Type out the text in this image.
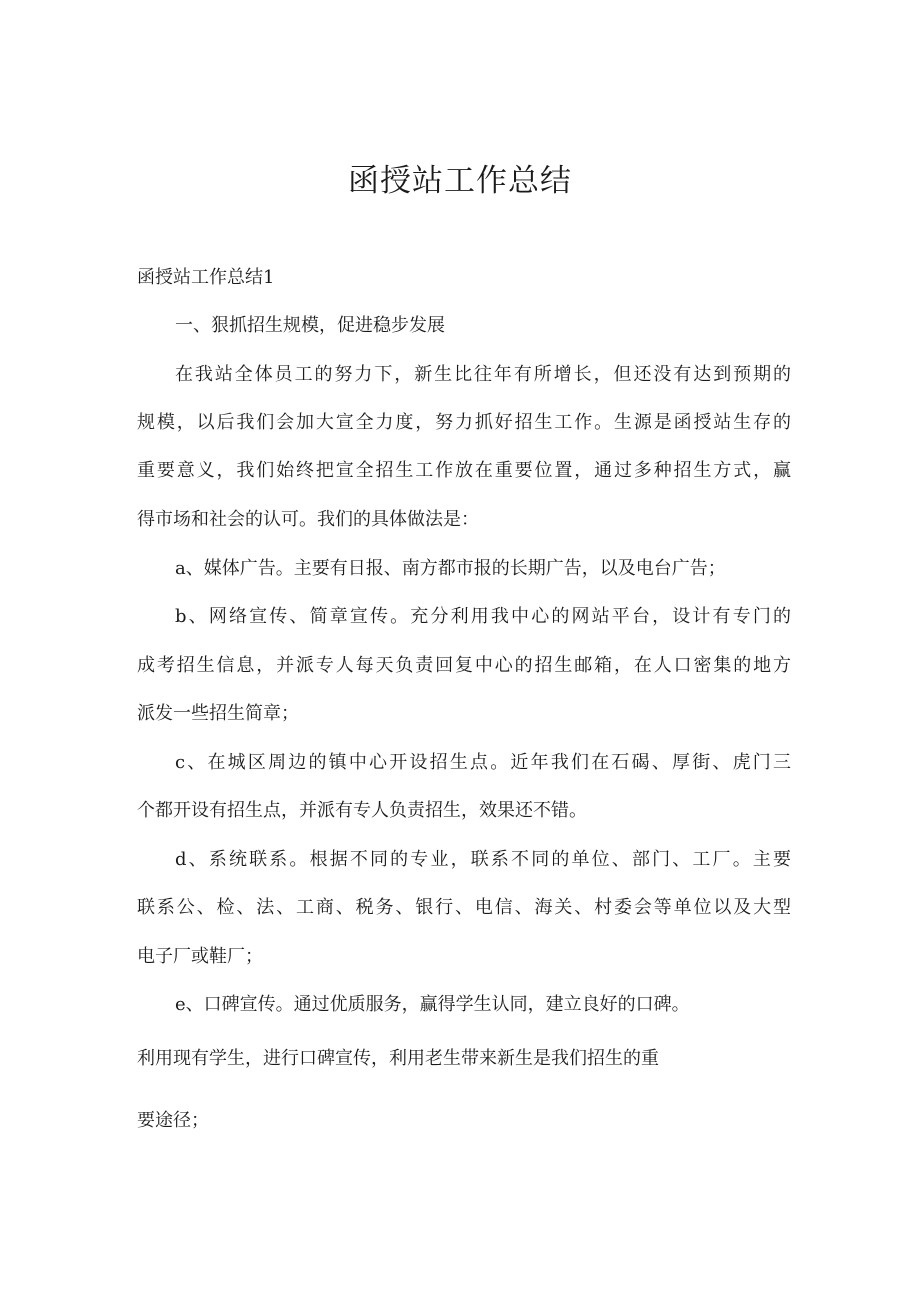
函授站工作总结

函授站工作总结1

一、狠抓招生规模，促进稳步发展

在我站全体员工的努力下，新生比往年有所增长，但还没有达到预期的

规模，以后我们会加大宣全力度，努力抓好招生工作。生源是函授站生存的

重要意义，我们始终把宣全招生工作放在重要位置，通过多种招生方式，赢

得市场和社会的认可。我们的具体做法是：

a、媒体广告。主要有日报、南方都市报的长期广告，以及电台广告；

b、网络宣传、简章宣传。充分利用我中心的网站平台，设计有专门的

成考招生信息，并派专人每天负责回复中心的招生邮箱，在人口密集的地方

派发一些招生简章；

c、在城区周边的镇中心开设招生点。近年我们在石碣、厚街、虎门三

个都开设有招生点，并派有专人负责招生，效果还不错。

d、系统联系。根据不同的专业，联系不同的单位、部门、工厂。主要

联系公、检、法、工商、税务、银行、电信、海关、村委会等单位以及大型

电子厂或鞋厂；

e、口碑宣传。通过优质服务，赢得学生认同，建立良好的口碑。

利用现有学生，进行口碑宣传，利用老生带来新生是我们招生的重

要途径；
